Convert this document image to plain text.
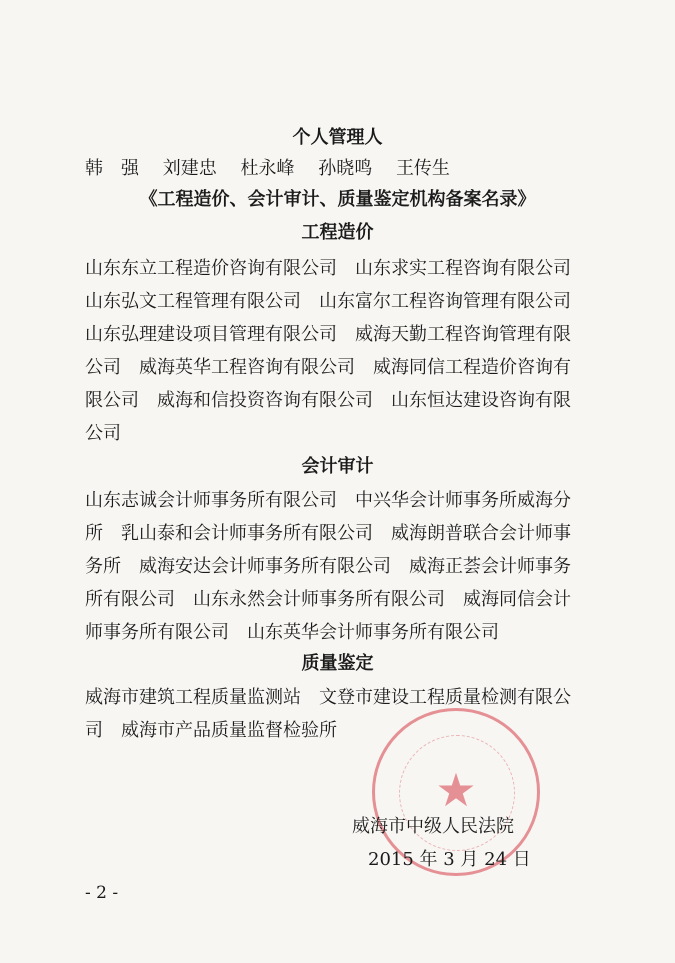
个人管理人
韩　强 刘建忠 杜永峰 孙晓鸣 王传生
《工程造价、会计审计、质量鉴定机构备案名录》
工程造价
山东东立工程造价咨询有限公司　山东求实工程咨询有限公司
山东弘文工程管理有限公司　山东富尔工程咨询管理有限公司
山东弘理建设项目管理有限公司　威海天勤工程咨询管理有限
公司　威海英华工程咨询有限公司　威海同信工程造价咨询有
限公司　威海和信投资咨询有限公司　山东恒达建设咨询有限
公司
会计审计
山东志诚会计师事务所有限公司　中兴华会计师事务所威海分
所　乳山泰和会计师事务所有限公司　威海朗普联合会计师事
务所　威海安达会计师事务所有限公司　威海正荟会计师事务
所有限公司　山东永然会计师事务所有限公司　威海同信会计
师事务所有限公司　山东英华会计师事务所有限公司
质量鉴定
威海市建筑工程质量监测站　文登市建设工程质量检测有限公
司　威海市产品质量监督检验所
★
威海市中级人民法院
2015 年 3 月 24 日
- 2 -
